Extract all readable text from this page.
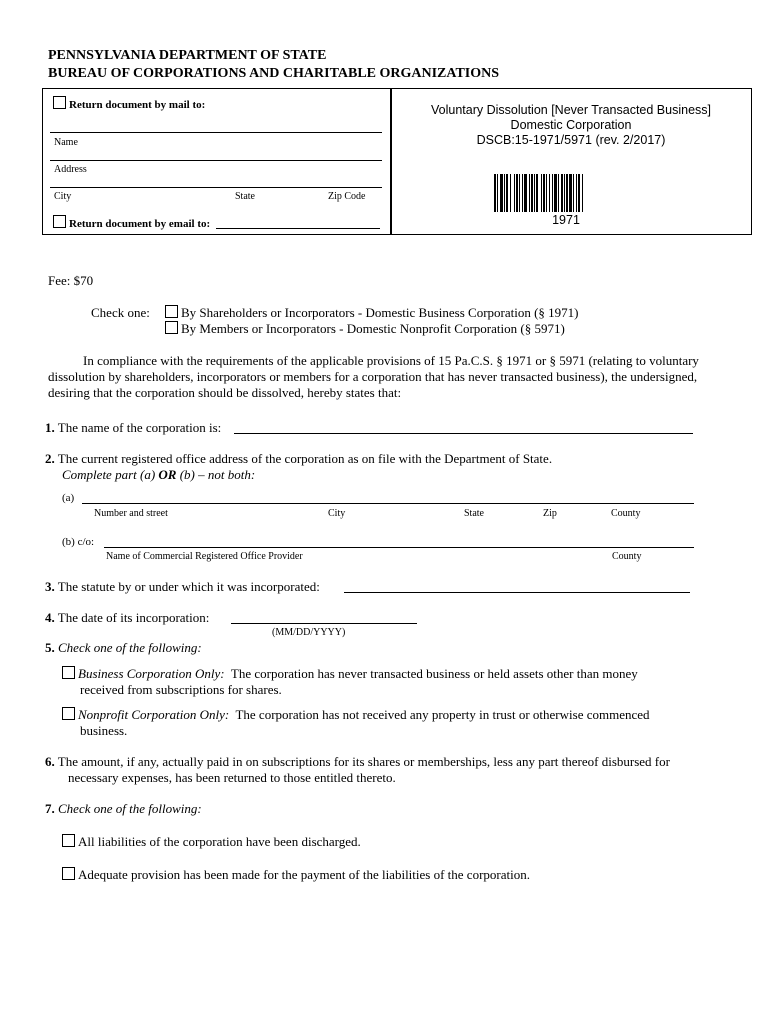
PENNSYLVANIA DEPARTMENT OF STATE
BUREAU OF CORPORATIONS AND CHARITABLE ORGANIZATIONS
Return document by mail to:
Name
Address
City	State	Zip Code
Return document by email to:
Voluntary Dissolution [Never Transacted Business]
Domestic Corporation
DSCB:15-1971/5971 (rev. 2/2017)
1971
Fee: $70
Check one:	By Shareholders or Incorporators - Domestic Business Corporation (§ 1971)
By Members or Incorporators - Domestic Nonprofit Corporation (§ 5971)
In compliance with the requirements of the applicable provisions of 15 Pa.C.S. § 1971 or § 5971 (relating to voluntary dissolution by shareholders, incorporators or members for a corporation that has never transacted business), the undersigned, desiring that the corporation should be dissolved, hereby states that:
1. The name of the corporation is:
2. The current registered office address of the corporation as on file with the Department of State.
Complete part (a) OR (b) – not both:
(a)
Number and street	City	State	Zip	County
(b) c/o:
Name of Commercial Registered Office Provider	County
3. The statute by or under which it was incorporated:
4. The date of its incorporation:
(MM/DD/YYYY)
5. Check one of the following:
Business Corporation Only: The corporation has never transacted business or held assets other than money
received from subscriptions for shares.
Nonprofit Corporation Only: The corporation has not received any property in trust or otherwise commenced
business.
6. The amount, if any, actually paid in on subscriptions for its shares or memberships, less any part thereof disbursed for
necessary expenses, has been returned to those entitled thereto.
7. Check one of the following:
All liabilities of the corporation have been discharged.
Adequate provision has been made for the payment of the liabilities of the corporation.
